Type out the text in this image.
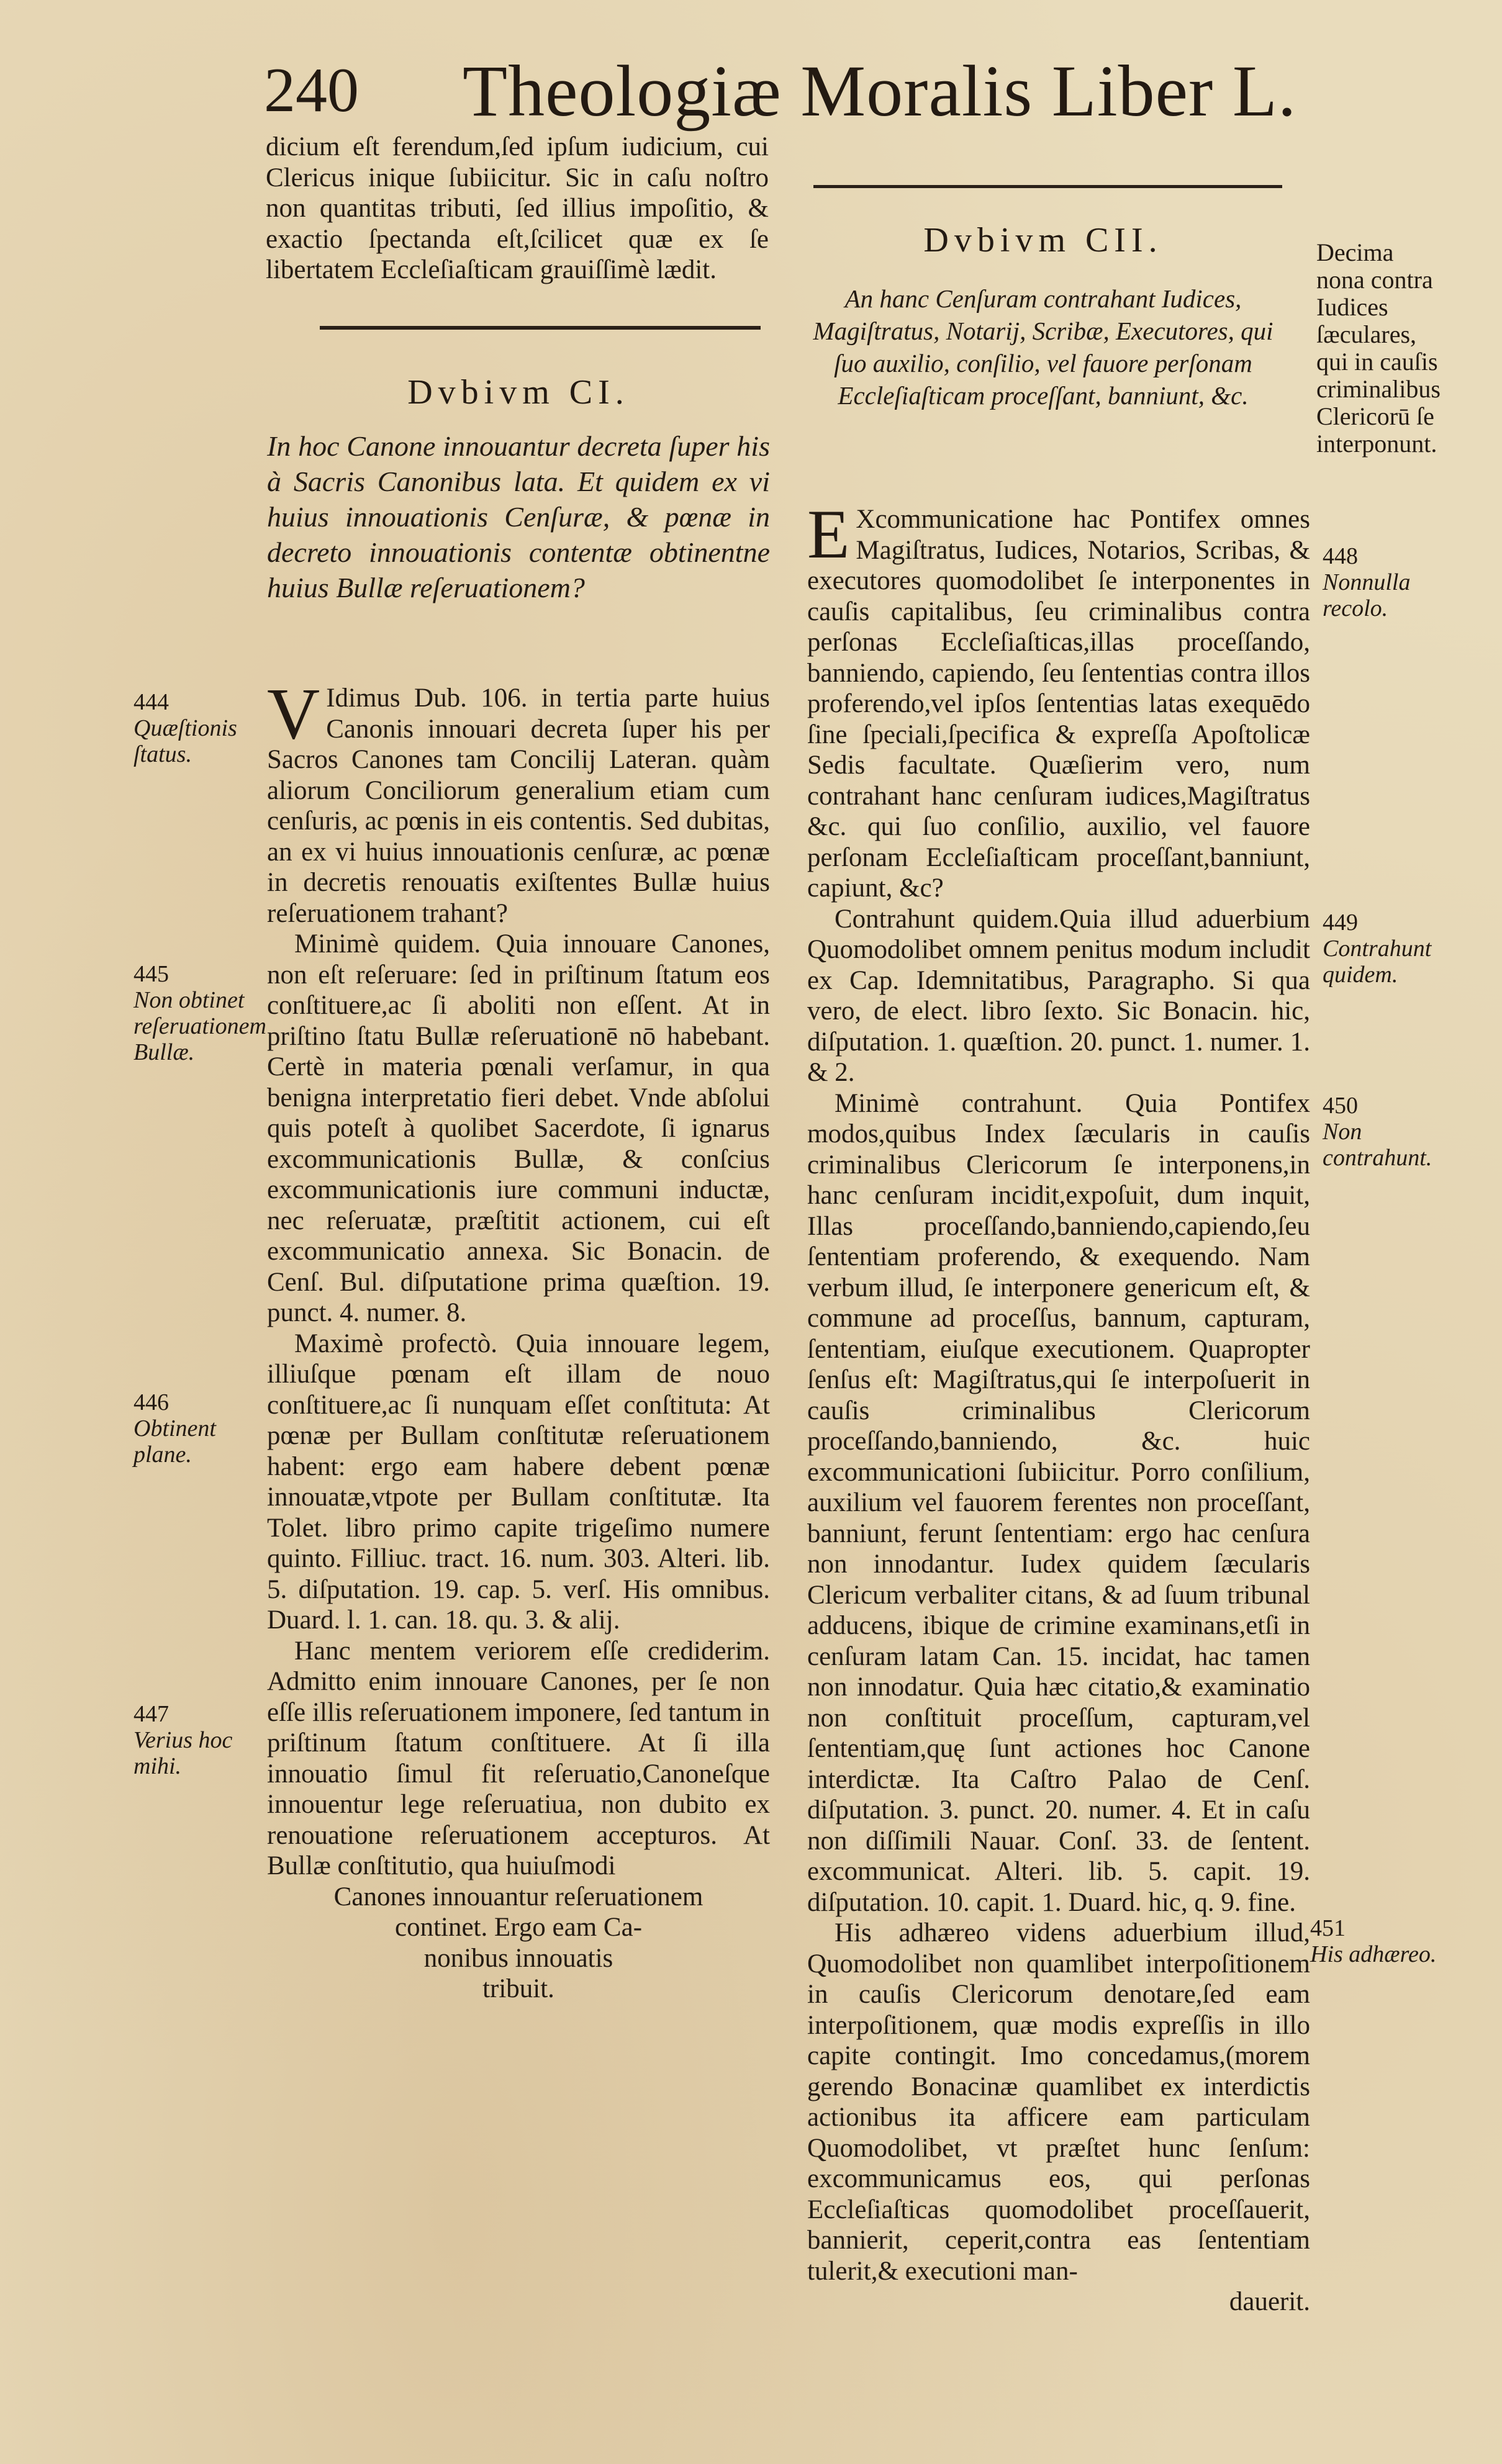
240 Theologiæ Moralis Liber L.

dicium eſt ferendum,ſed ipſum iudicium, cui Clericus inique ſubiicitur. Sic in caſu noſtro non quantitas tributi, ſed illius impoſitio, & exactio ſpectanda eſt,ſcilicet quæ ex ſe libertatem Eccleſiaſticam grauiſſimè lædit.

Dvbivm CI.
In hoc Canone innouantur decreta ſuper his à Sacris Canonibus lata. Et quidem ex vi huius innouationis Cenſuræ, & pœnæ in decreto innouationis contentæ obtinentne huius Bullæ reſeruationem?

V Idimus Dub. 106. in tertia parte huius Canonis innouari decreta ſuper his per Sacros Canones tam Concilij Lateran. quàm aliorum Conciliorum generalium etiam cum cenſuris, ac pœnis in eis contentis. Sed dubitas, an ex vi huius innouationis cenſuræ, ac pœnæ in decretis renouatis exiſtentes Bullæ huius reſeruationem trahant?

Minimè quidem. Quia innouare Canones, non eſt reſeruare: ſed in priſtinum ſtatum eos conſtituere,ac ſi aboliti non eſſent. At in priſtino ſtatu Bullæ reſeruationē nō habebant. Certè in materia pœnali verſamur, in qua benigna interpretatio fieri debet. Vnde abſolui quis poteſt à quolibet Sacerdote, ſi ignarus excommunicationis Bullæ, & conſcius excommunicationis iure communi inductæ, nec reſeruatæ, præſtitit actionem, cui eſt excommunicatio annexa. Sic Bonacin. de Cenſ. Bul. diſputatione prima quæſtion. 19. punct. 4. numer. 8.

Maximè profectò. Quia innouare legem, illiuſque pœnam eſt illam de nouo conſtituere,ac ſi nunquam eſſet conſtituta: At pœnæ per Bullam conſtitutæ reſeruationem habent: ergo eam habere debent pœnæ innouatæ,vtpote per Bullam conſtitutæ. Ita Tolet. libro primo capite trigeſimo numere quinto. Filliuc. tract. 16. num. 303. Alteri. lib. 5. diſputation. 19. cap. 5. verſ. His omnibus. Duard. l. 1. can. 18. qu. 3. & alij.

Hanc mentem veriorem eſſe crediderim. Admitto enim innouare Canones, per ſe non eſſe illis reſeruationem imponere, ſed tantum in priſtinum ſtatum conſtituere. At ſi illa innouatio ſimul fit reſeruatio,Canoneſque innouentur lege reſeruatiua, non dubito ex renouatione reſeruationem accepturos. At Bullæ conſtitutio, qua huiuſmodi

Canones innouantur reſeruationem

continet. Ergo eam Ca-

nonibus innouatis

tribuit.

444
Quæſtionis ſtatus.
445
Non obtinet reſeruationem Bullæ.
446
Obtinent plane.
447
Verius hoc mihi.
Dvbivm CII.
An hanc Cenſuram contrahant Iudices, Magiſtratus, Notarij, Scribæ, Executores, qui ſuo auxilio, conſilio, vel fauore perſonam Eccleſiaſticam proceſſant, banniunt, &c.

E Xcommunicatione hac Pontifex omnes Magiſtratus, Iudices, Notarios, Scribas, & executores quomodolibet ſe interponentes in cauſis capitalibus, ſeu criminalibus contra perſonas Eccleſiaſticas,illas proceſſando, banniendo, capiendo, ſeu ſententias contra illos proferendo,vel ipſos ſententias latas exequēdo ſine ſpeciali,ſpecifica & expreſſa Apoſtolicæ Sedis facultate. Quæſierim vero, num contrahant hanc cenſuram iudices,Magiſtratus &c. qui ſuo conſilio, auxilio, vel fauore perſonam Eccleſiaſticam proceſſant,banniunt, capiunt, &c?

Contrahunt quidem.Quia illud aduerbium Quomodolibet omnem penitus modum includit ex Cap. Idemnitatibus, Paragrapho. Si qua vero, de elect. libro ſexto. Sic Bonacin. hic, diſputation. 1. quæſtion. 20. punct. 1. numer. 1. & 2.

Minimè contrahunt. Quia Pontifex modos,quibus Index ſæcularis in cauſis criminalibus Clericorum ſe interponens,in hanc cenſuram incidit,expoſuit, dum inquit, Illas proceſſando,banniendo,capiendo,ſeu ſententiam proferendo, & exequendo. Nam verbum illud, ſe interponere genericum eſt, & commune ad proceſſus, bannum, capturam, ſententiam, eiuſque executionem. Quapropter ſenſus eſt: Magiſtratus,qui ſe interpoſuerit in cauſis criminalibus Clericorum proceſſando,banniendo, &c. huic excommunicationi ſubiicitur. Porro conſilium, auxilium vel fauorem ferentes non proceſſant, banniunt, ferunt ſententiam: ergo hac cenſura non innodantur. Iudex quidem ſæcularis Clericum verbaliter citans, & ad ſuum tribunal adducens, ibique de crimine examinans,etſi in cenſuram latam Can. 15. incidat, hac tamen non innodatur. Quia hæc citatio,& examinatio non conſtituit proceſſum, capturam,vel ſententiam,quę ſunt actiones hoc Canone interdictæ. Ita Caſtro Palao de Cenſ. diſputation. 3. punct. 20. numer. 4. Et in caſu non diſſimili Nauar. Conſ. 33. de ſentent. excommunicat. Alteri. lib. 5. capit. 19. diſputation. 10. capit. 1. Duard. hic, q. 9. fine.

His adhæreo videns aduerbium illud, Quomodolibet non quamlibet interpoſitionem in cauſis Clericorum denotare,ſed eam interpoſitionem, quæ modis expreſſis in illo capite contingit. Imo concedamus,(morem gerendo Bonacinæ quamlibet ex interdictis actionibus ita afficere eam particulam Quomodolibet, vt præſtet hunc ſenſum: excommunicamus eos, qui perſonas Eccleſiaſticas quomodolibet proceſſauerit, bannierit, ceperit,contra eas ſententiam tulerit,& executioni man-

dauerit.

Decima nona contra Iudices ſæculares, qui in cauſis criminalibus Clericorū ſe interponunt.
448
Nonnulla recolo.
449
Contrahunt quidem.
450
Non contrahunt.
451
His adhæreo.
